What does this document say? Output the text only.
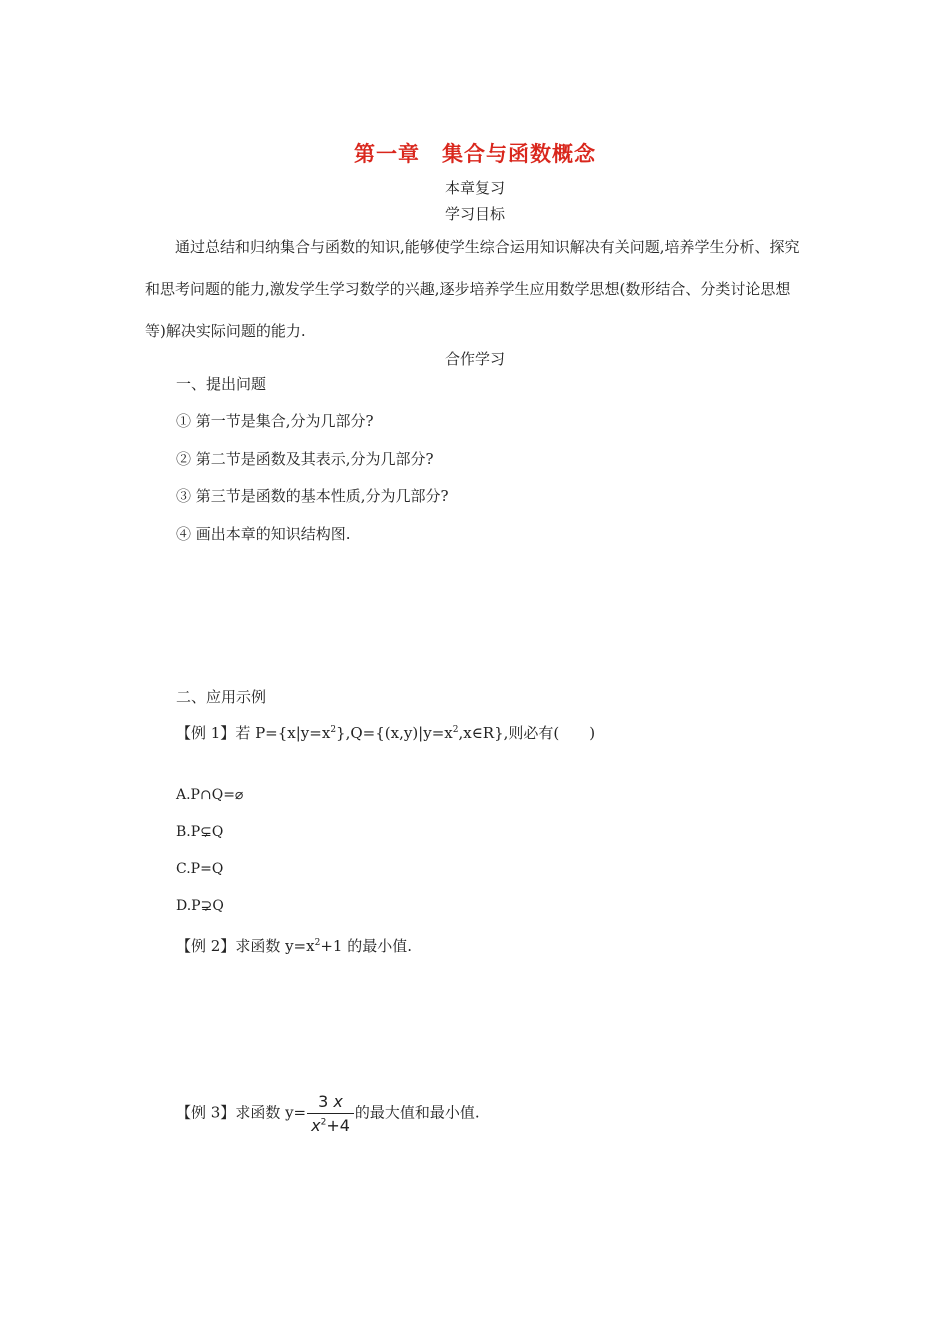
第一章　集合与函数概念
本章复习
学习目标

通过总结和归纳集合与函数的知识,能够使学生综合运用知识解决有关问题,培养学生分析、探究和思考问题的能力,激发学生学习数学的兴趣,逐步培养学生应用数学思想(数形结合、分类讨论思想等)解决实际问题的能力.

合作学习
一、提出问题
① 第一节是集合,分为几部分?
② 第二节是函数及其表示,分为几部分?
③ 第三节是函数的基本性质,分为几部分?
④ 画出本章的知识结构图.
二、应用示例
【例 1】若 $P=\{x|y=x^2\},Q=\{(x,y)|y=x^2,x\in R\}$,则必有(　　)
A.P∩Q=⌀
B.P⊊Q
C.P=Q
D.P⊋Q
【例 2】求函数 $y=x^2+1$ 的最小值.
【例 3】求函数 $y= \frac{3 x}{x^2+4}$ 的最大值和最小值.
